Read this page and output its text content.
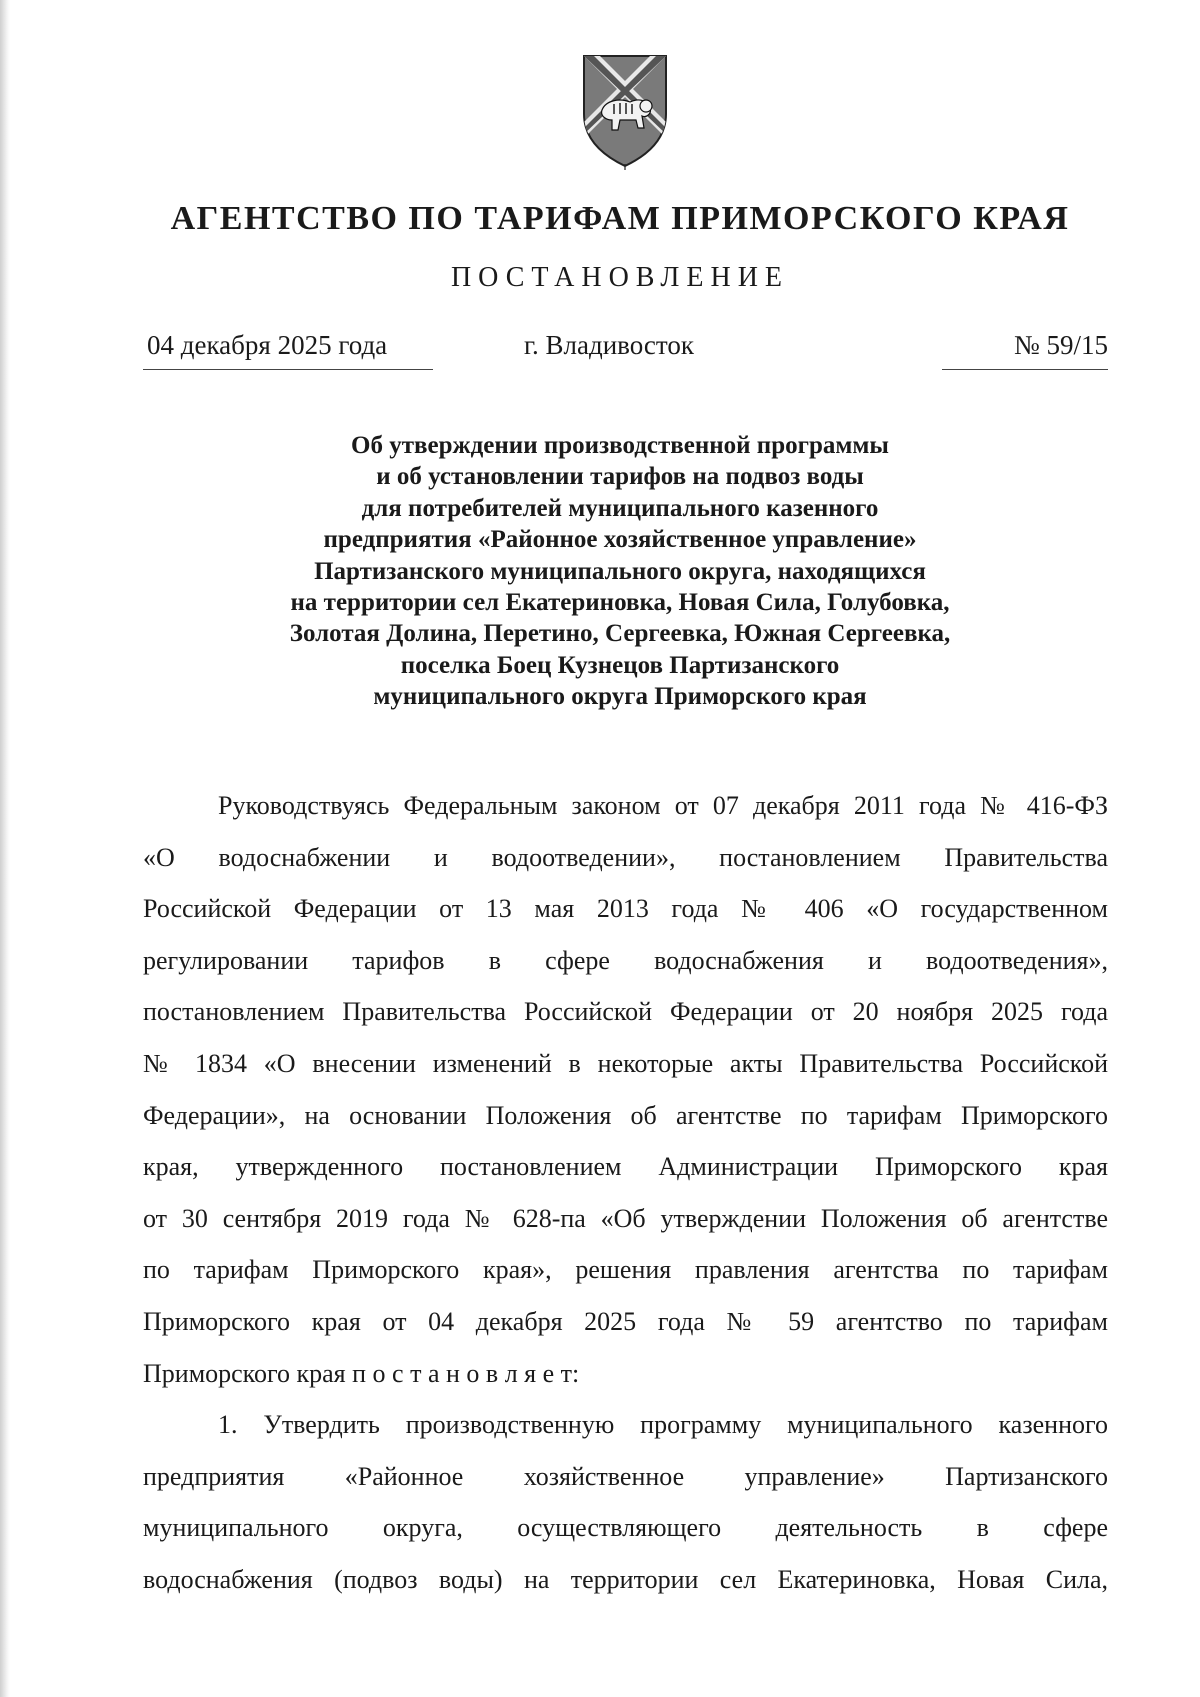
АГЕНТСТВО ПО ТАРИФАМ ПРИМОРСКОГО КРАЯ
ПОСТАНОВЛЕНИЕ
04 декабря 2025 года	г. Владивосток	№ 59/15
Об утверждении производственной программы
и об установлении тарифов на подвоз воды
для потребителей муниципального казенного
предприятия «Районное хозяйственное управление»
Партизанского муниципального округа, находящихся
на территории сел Екатериновка, Новая Сила, Голубовка,
Золотая Долина, Перетино, Сергеевка, Южная Сергеевка,
поселка Боец Кузнецов Партизанского
муниципального округа Приморского края
Руководствуясь Федеральным законом от 07 декабря 2011 года № 416-ФЗ
«О водоснабжении и водоотведении», постановлением Правительства
Российской Федерации от 13 мая 2013 года № 406 «О государственном
регулировании тарифов в сфере водоснабжения и водоотведения»,
постановлением Правительства Российской Федерации от 20 ноября 2025 года
№ 1834 «О внесении изменений в некоторые акты Правительства Российской
Федерации», на основании Положения об агентстве по тарифам Приморского
края, утвержденного постановлением Администрации Приморского края
от 30 сентября 2019 года № 628-па «Об утверждении Положения об агентстве
по тарифам Приморского края», решения правления агентства по тарифам
Приморского края от 04 декабря 2025 года № 59 агентство по тарифам
Приморского края п о с т а н о в л я е т:
1. Утвердить производственную программу муниципального казенного
предприятия «Районное хозяйственное управление» Партизанского
муниципального округа, осуществляющего деятельность в сфере
водоснабжения (подвоз воды) на территории сел Екатериновка, Новая Сила,
